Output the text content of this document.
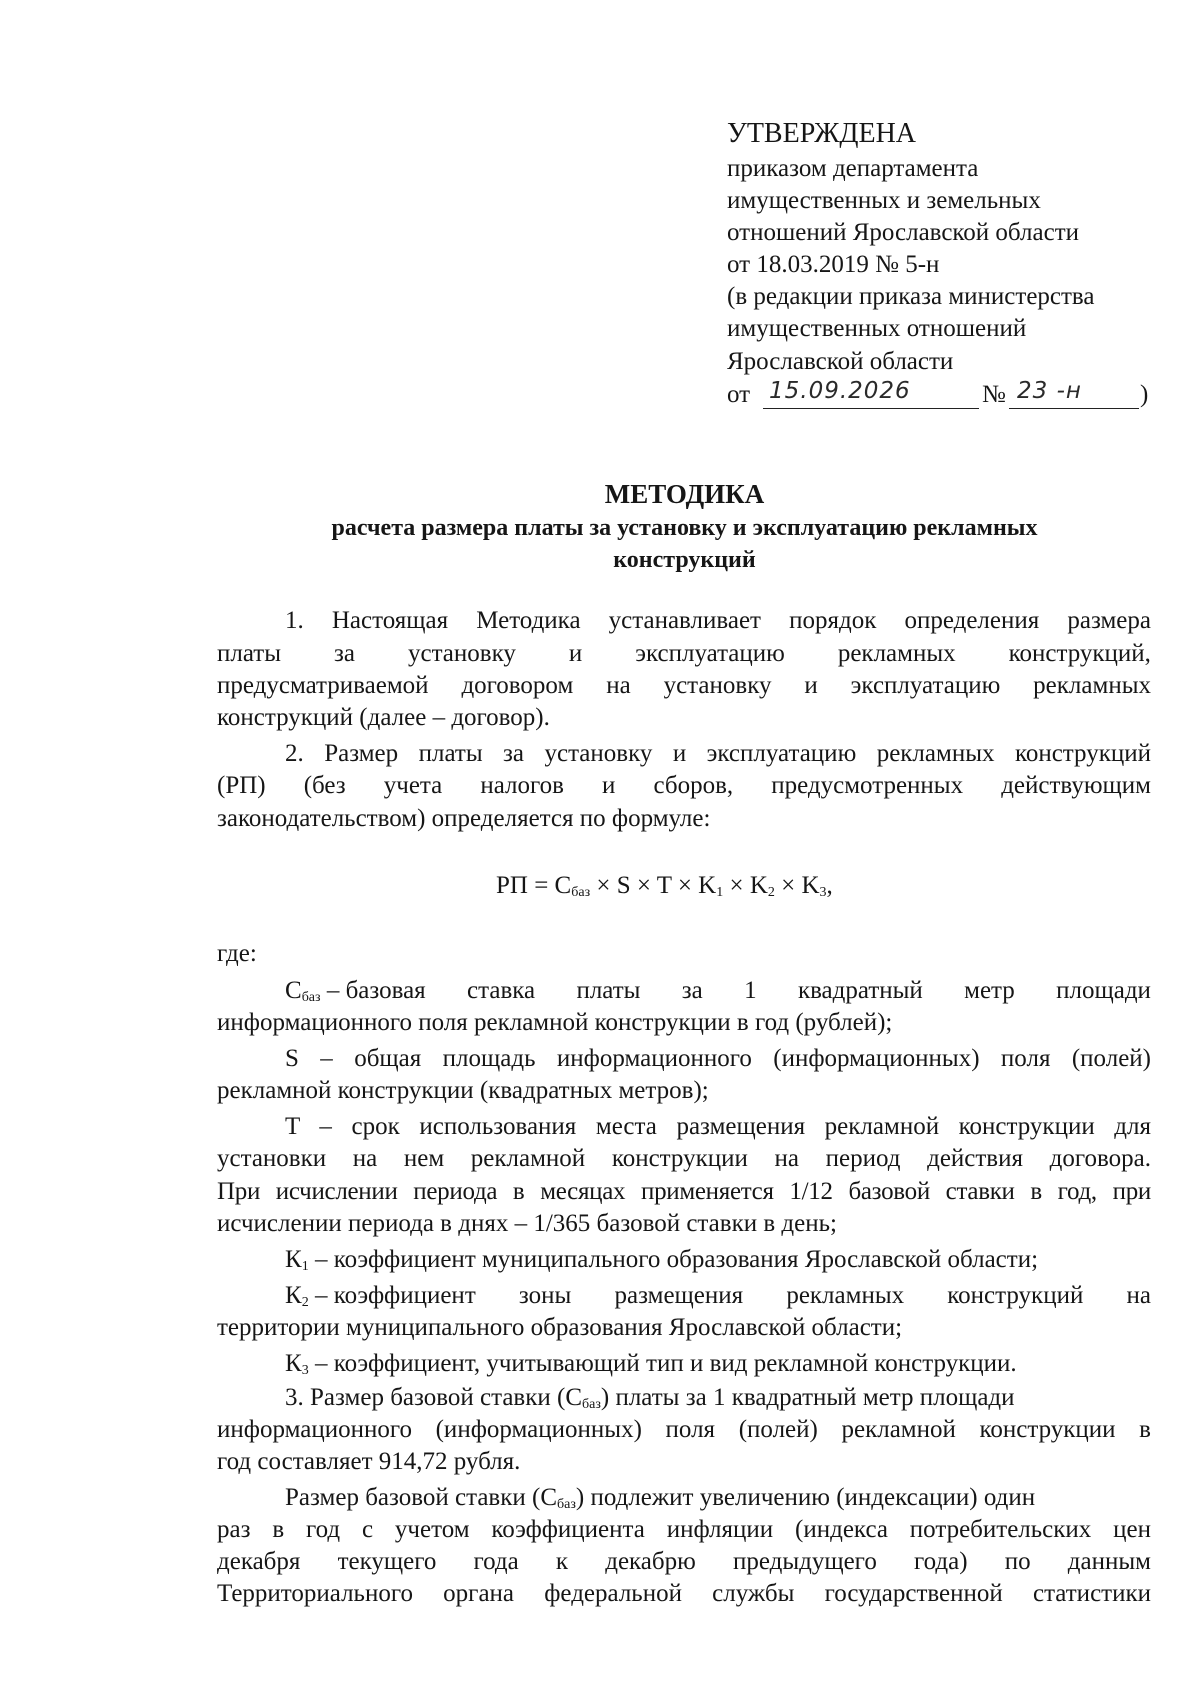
УТВЕРЖДЕНА
приказом департамента
имущественных и земельных
отношений Ярославской области
от 18.03.2019 № 5-н
(в редакции приказа министерства
имущественных отношений
Ярославской области
от 15.09.2026	№ 23 -н )
МЕТОДИКА
расчета размера платы за установку и эксплуатацию рекламных
конструкций
1. Настоящая Методика устанавливает порядок определения размера
платы за установку и эксплуатацию рекламных конструкций,
предусматриваемой договором на установку и эксплуатацию рекламных
конструкций (далее – договор).
2. Размер платы за установку и эксплуатацию рекламных конструкций
(РП) (без учета налогов и сборов, предусмотренных действующим
законодательством) определяется по формуле:
РП = $С_{баз} \times S \times T \times K_1 \times K_2 \times K_3$,
где:
$С_{баз}$ – базовая ставка платы за 1 квадратный метр площади
информационного поля рекламной конструкции в год (рублей);
S – общая площадь информационного (информационных) поля (полей)
рекламной конструкции (квадратных метров);
T – срок использования места размещения рекламной конструкции для
установки на нем рекламной конструкции на период действия договора.
При исчислении периода в месяцах применяется 1/12 базовой ставки в год, при
исчислении периода в днях – 1/365 базовой ставки в день;
$К_1$ – коэффициент муниципального образования Ярославской области;
$К_2$ – коэффициент зоны размещения рекламных конструкций на
территории муниципального образования Ярославской области;
$К_3$ – коэффициент, учитывающий тип и вид рекламной конструкции.
3. Размер базовой ставки $(С_{баз})$ платы за 1 квадратный метр площади
информационного (информационных) поля (полей) рекламной конструкции в
год составляет 914,72 рубля.
Размер базовой ставки $(С_{баз})$ подлежит увеличению (индексации) один
раз в год с учетом коэффициента инфляции (индекса потребительских цен
декабря текущего года к декабрю предыдущего года) по данным
Территориального органа федеральной службы государственной статистики
